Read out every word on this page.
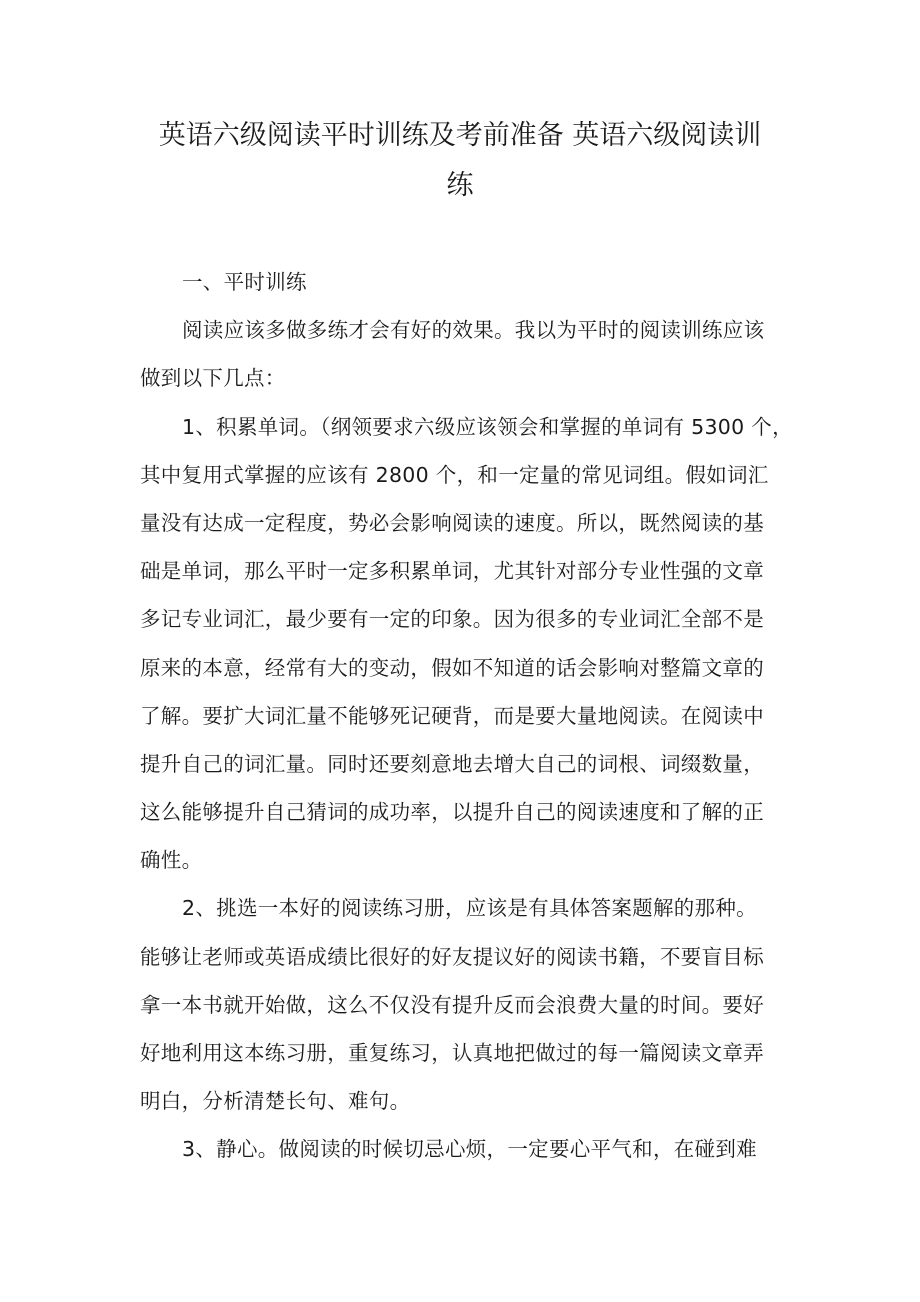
英语六级阅读平时训练及考前准备 英语六级阅读训
练
一、平时训练
阅读应该多做多练才会有好的效果。我以为平时的阅读训练应该
做到以下几点：
1、积累单词。（纲领要求六级应该领会和掌握的单词有 5300 个，
其中复用式掌握的应该有 2800 个，和一定量的常见词组。假如词汇
量没有达成一定程度，势必会影响阅读的速度。所以，既然阅读的基
础是单词，那么平时一定多积累单词，尤其针对部分专业性强的文章
多记专业词汇，最少要有一定的印象。因为很多的专业词汇全部不是
原来的本意，经常有大的变动，假如不知道的话会影响对整篇文章的
了解。要扩大词汇量不能够死记硬背，而是要大量地阅读。在阅读中
提升自己的词汇量。同时还要刻意地去增大自己的词根、词缀数量，
这么能够提升自己猜词的成功率，以提升自己的阅读速度和了解的正
确性。
2、挑选一本好的阅读练习册，应该是有具体答案题解的那种。
能够让老师或英语成绩比很好的好友提议好的阅读书籍，不要盲目标
拿一本书就开始做，这么不仅没有提升反而会浪费大量的时间。要好
好地利用这本练习册，重复练习，认真地把做过的每一篇阅读文章弄
明白，分析清楚长句、难句。
3、静心。做阅读的时候切忌心烦，一定要心平气和，在碰到难
